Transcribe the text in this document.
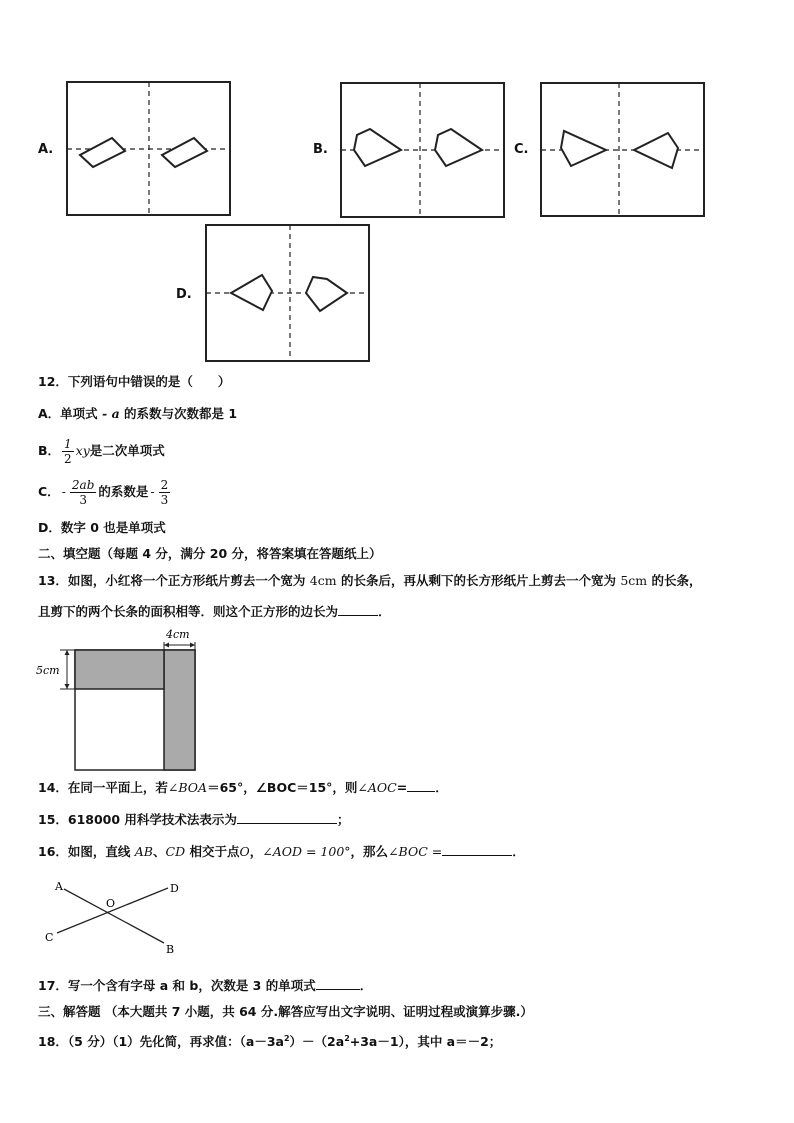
A.	B.	C.
D.
12．下列语句中错误的是（　　）
A．单项式 - a 的系数与次数都是 1
B． $\frac{1}{2}$ xy 是二次单项式
C． - $\frac{2ab}{3}$ 的系数是 - $\frac{2}{3}$
D．数字 0 也是单项式
二、填空题（每题 4 分，满分 20 分，将答案填在答题纸上）
13．如图，小红将一个正方形纸片剪去一个宽为 4cm 的长条后，再从剩下的长方形纸片上剪去一个宽为 5cm 的长条，
且剪下的两个长条的面积相等．则这个正方形的边长为	．
4cm
5cm
14．在同一平面上，若∠BOA＝65°，∠BOC＝15°，则∠AOC= ．
15．618000 用科学技术法表示为	；
16．如图，直线 AB、CD 相交于点O，∠AOD = 100°，那么∠BOC =	．
A
B
C
D
O
17．写一个含有字母 a 和 b，次数是 3 的单项式	．
三、解答题 （本大题共 7 小题，共 64 分.解答应写出文字说明、证明过程或演算步骤.）
18．（5 分）（1）先化简，再求值：$(a-3a^2)-(2a^2+3a-1)$，其中 a＝－2；
